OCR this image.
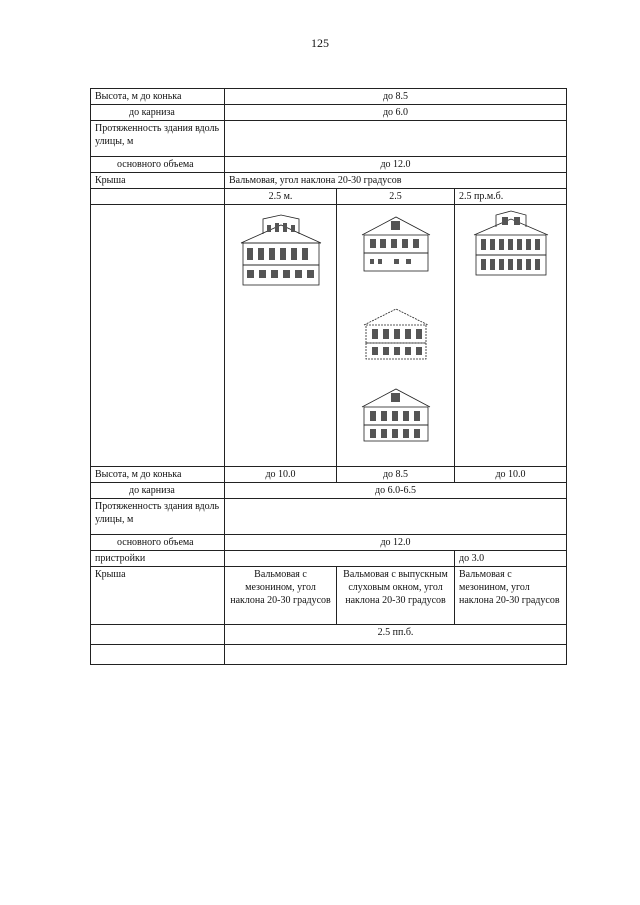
125
Высота, м до конька	до 8.5		
до карниза	до 6.0		
Протяженность здания вдоль улицы, м			
основного объема	до 12.0		
Крыша	Вальмовая, угол наклона 20-30 градусов		
	2.5 м.	2.5	2.5 пр.м.б.

Высота, м до конька	до 10.0	до 8.5	до 10.0
до карниза	до 6.0-6.5		
Протяженность здания вдоль улицы, м			
основного объема	до 12.0		
пристройки			до 3.0
Крыша	Вальмовая с мезонином, угол наклона 20-30 градусов	Вальмовая с выпускным слуховым окном, угол наклона 20-30 градусов	Вальмовая с мезонином, угол наклона 20-30 градусов
	2.5 пп.б.		
